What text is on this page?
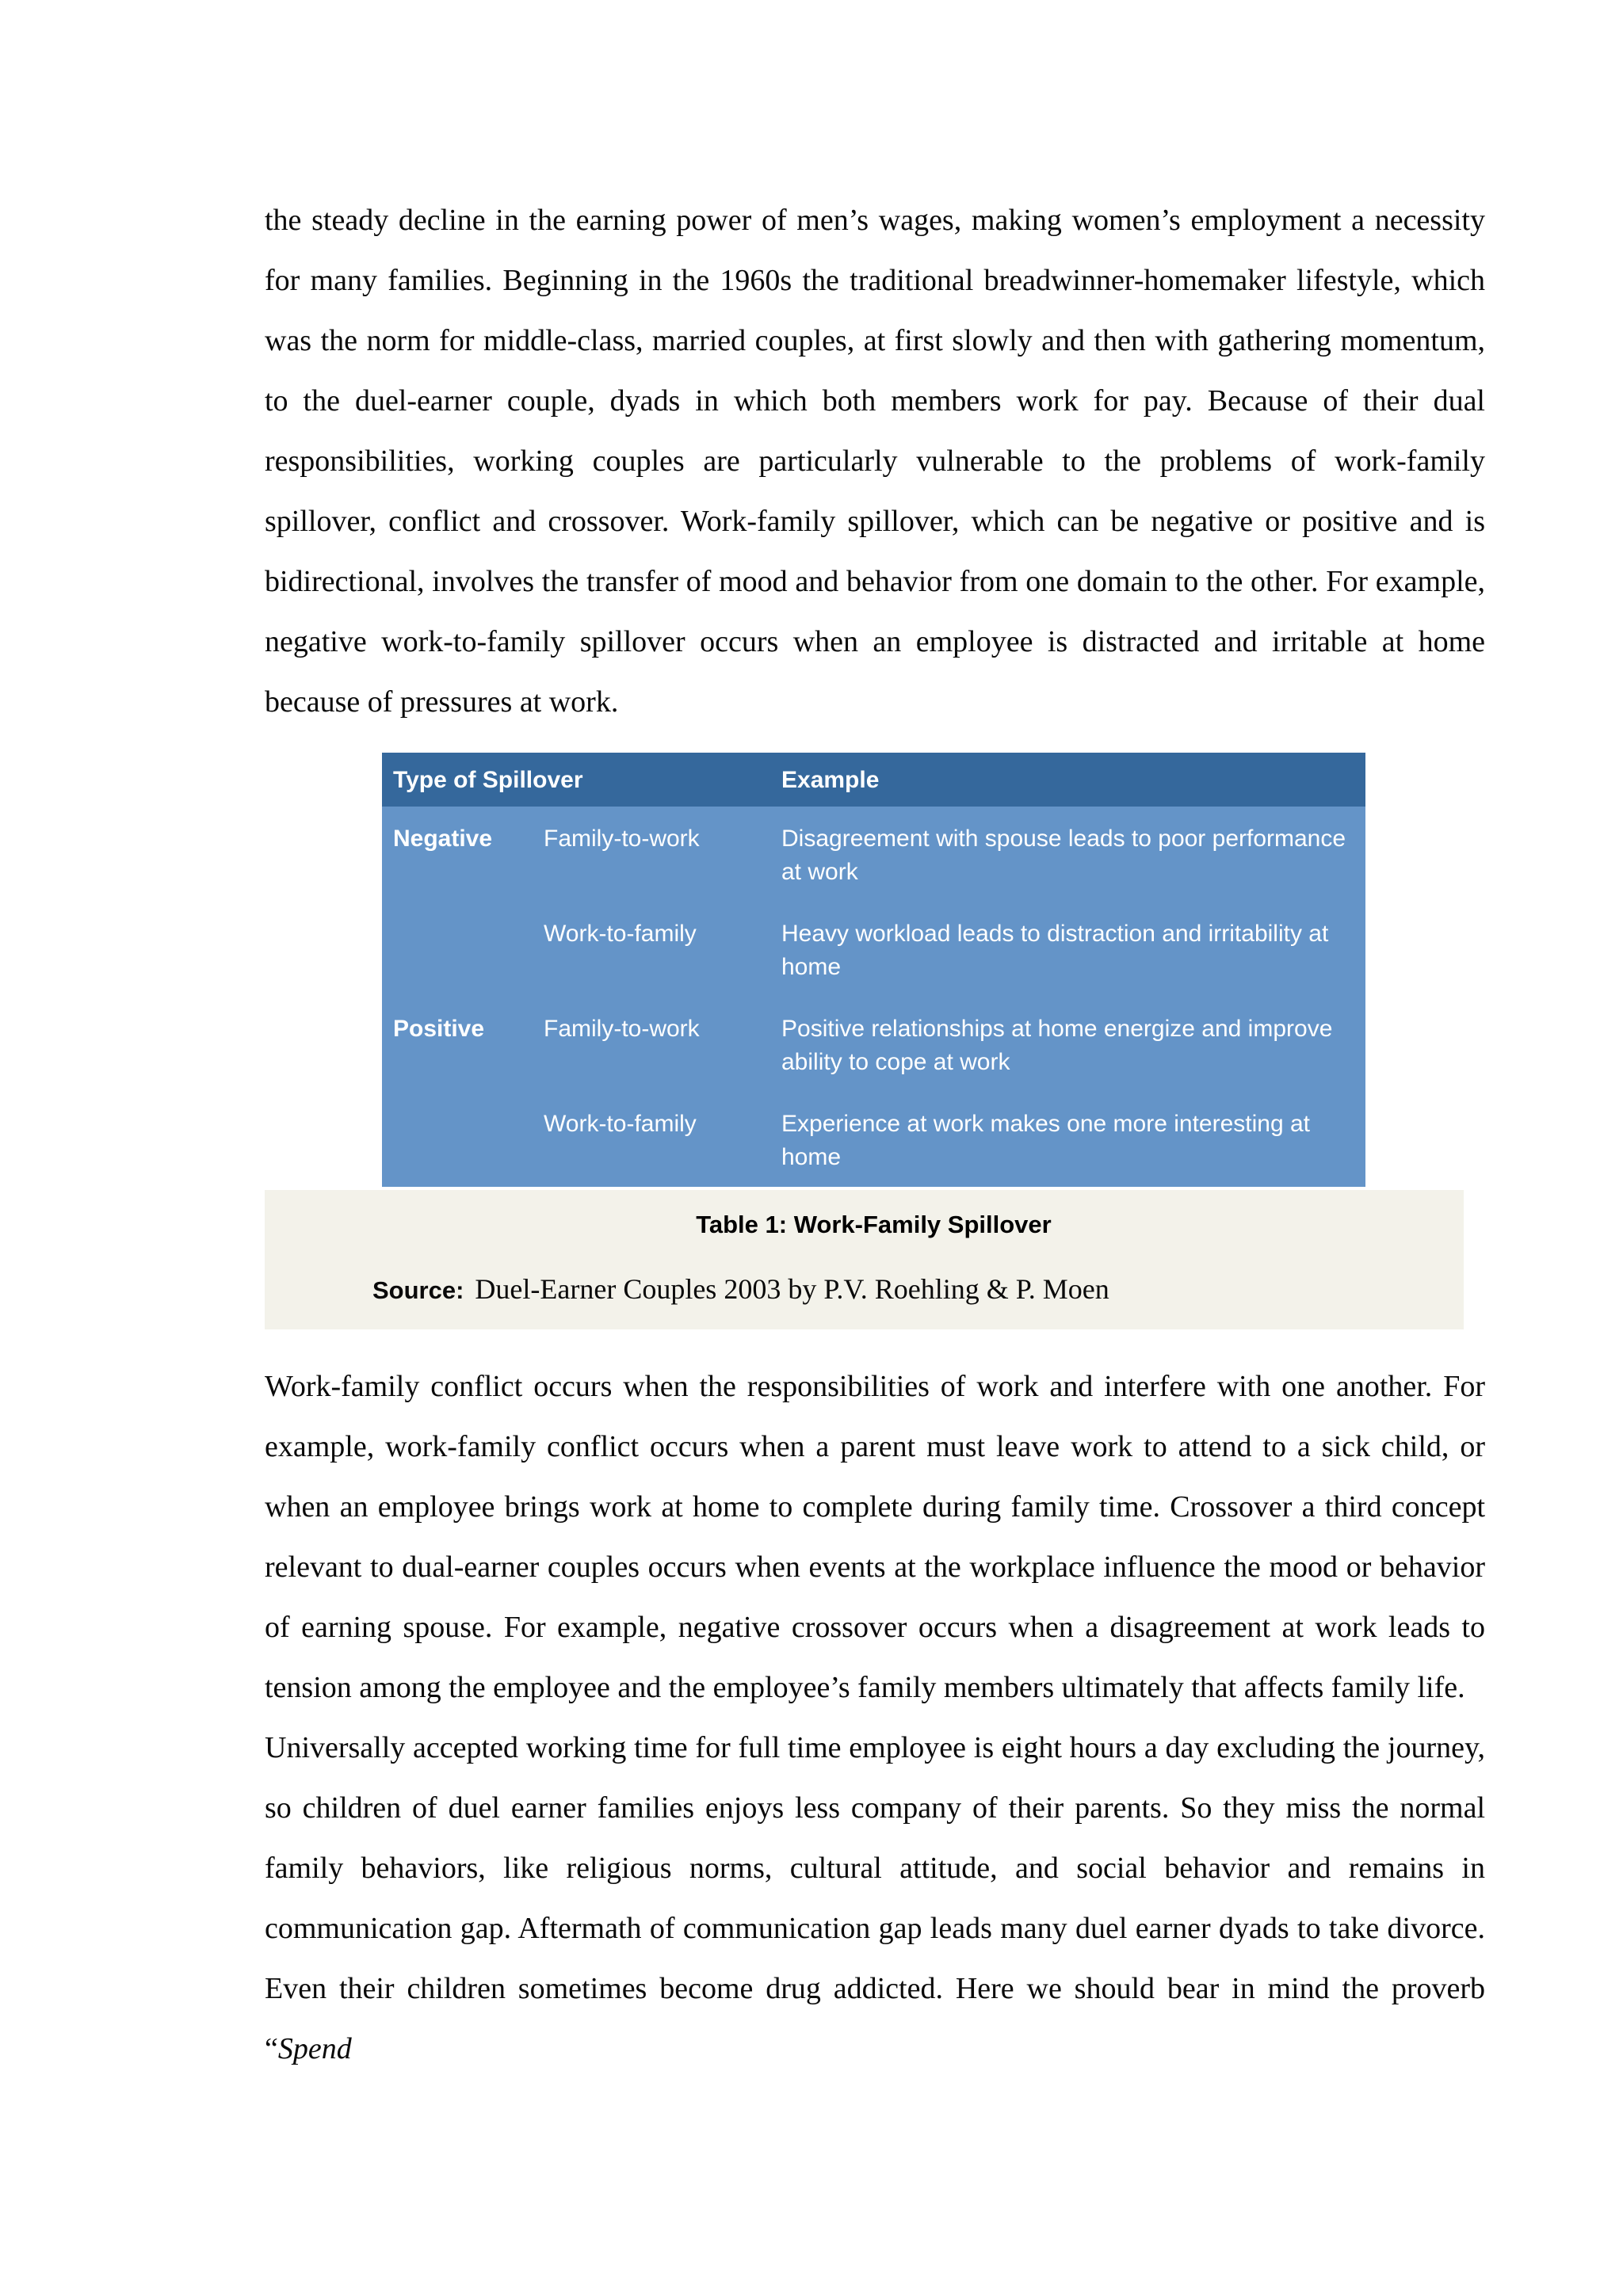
the steady decline in the earning power of men’s wages, making women’s employment a necessity for many families. Beginning in the 1960s the traditional breadwinner-homemaker lifestyle, which was the norm for middle-class, married couples, at first slowly and then with gathering momentum, to the duel-earner couple, dyads in which both members work for pay. Because of their dual responsibilities, working couples are particularly vulnerable to the problems of work-family spillover, conflict and crossover. Work-family spillover, which can be negative or positive and is bidirectional, involves the transfer of mood and behavior from one domain to the other. For example, negative work-to-family spillover occurs when an employee is distracted and irritable at home because of pressures at work.

Type of Spillover		Example
Negative	Family-to-work	Disagreement with spouse leads to poor performance at work
	Work-to-family	Heavy workload leads to distraction and irritability at home
Positive	Family-to-work	Positive relationships at home energize and improve ability to cope at work
	Work-to-family	Experience at work makes one more interesting at home
Table 1: Work-Family Spillover
Source: Duel-Earner Couples 2003 by P.V. Roehling & P. Moen

Work-family conflict occurs when the responsibilities of work and interfere with one another. For example, work-family conflict occurs when a parent must leave work to attend to a sick child, or when an employee brings work at home to complete during family time. Crossover a third concept relevant to dual-earner couples occurs when events at the workplace influence the mood or behavior of earning spouse. For example, negative crossover occurs when a disagreement at work leads to tension among the employee and the employee’s family members ultimately that affects family life.

Universally accepted working time for full time employee is eight hours a day excluding the journey, so children of duel earner families enjoys less company of their parents. So they miss the normal family behaviors, like religious norms, cultural attitude, and social behavior and remains in communication gap. Aftermath of communication gap leads many duel earner dyads to take divorce. Even their children sometimes become drug addicted. Here we should bear in mind the proverb “Spend
